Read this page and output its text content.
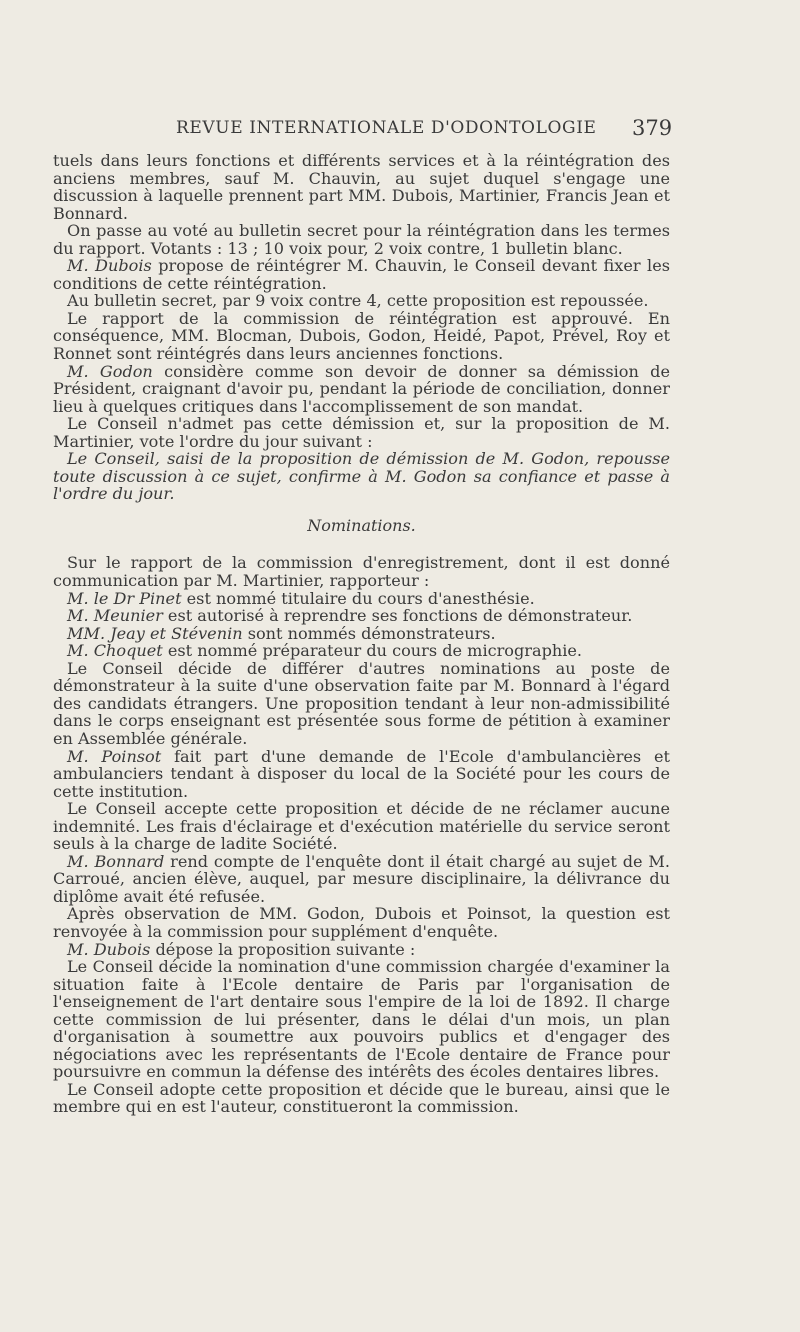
REVUE INTERNATIONALE D'ODONTOLOGIE 379

tuels dans leurs fonctions et différents services et à la réintégration des anciens membres, sauf M. Chauvin, au sujet duquel s'engage une discussion à laquelle prennent part MM. Dubois, Martinier, Francis Jean et Bonnard.

On passe au voté au bulletin secret pour la réintégration dans les termes du rapport. Votants : 13 ; 10 voix pour, 2 voix contre, 1 bulletin blanc.

M. Dubois propose de réintégrer M. Chauvin, le Conseil devant fixer les conditions de cette réintégration.

Au bulletin secret, par 9 voix contre 4, cette proposition est repoussée.

Le rapport de la commission de réintégration est approuvé. En conséquence, MM. Blocman, Dubois, Godon, Heidé, Papot, Prével, Roy et Ronnet sont réintégrés dans leurs anciennes fonctions.

M. Godon considère comme son devoir de donner sa démission de Président, craignant d'avoir pu, pendant la période de conciliation, donner lieu à quelques critiques dans l'accomplissement de son mandat.

Le Conseil n'admet pas cette démission et, sur la proposition de M. Martinier, vote l'ordre du jour suivant :

Le Conseil, saisi de la proposition de démission de M. Godon, repousse toute discussion à ce sujet, confirme à M. Godon sa confiance et passe à l'ordre du jour.

Nominations.

Sur le rapport de la commission d'enregistrement, dont il est donné communication par M. Martinier, rapporteur :

M. le Dr Pinet est nommé titulaire du cours d'anesthésie.

M. Meunier est autorisé à reprendre ses fonctions de démonstrateur.

MM. Jeay et Stévenin sont nommés démonstrateurs.

M. Choquet est nommé préparateur du cours de micrographie.

Le Conseil décide de différer d'autres nominations au poste de démonstrateur à la suite d'une observation faite par M. Bonnard à l'égard des candidats étrangers. Une proposition tendant à leur non-admissibilité dans le corps enseignant est présentée sous forme de pétition à examiner en Assemblée générale.

M. Poinsot fait part d'une demande de l'Ecole d'ambulancières et ambulanciers tendant à disposer du local de la Société pour les cours de cette institution.

Le Conseil accepte cette proposition et décide de ne réclamer aucune indemnité. Les frais d'éclairage et d'exécution matérielle du service seront seuls à la charge de ladite Société.

M. Bonnard rend compte de l'enquête dont il était chargé au sujet de M. Carroué, ancien élève, auquel, par mesure disciplinaire, la délivrance du diplôme avait été refusée.

Après observation de MM. Godon, Dubois et Poinsot, la question est renvoyée à la commission pour supplément d'enquête.

M. Dubois dépose la proposition suivante :

Le Conseil décide la nomination d'une commission chargée d'examiner la situation faite à l'Ecole dentaire de Paris par l'organisation de l'enseignement de l'art dentaire sous l'empire de la loi de 1892. Il charge cette commission de lui présenter, dans le délai d'un mois, un plan d'organisation à soumettre aux pouvoirs publics et d'engager des négociations avec les représentants de l'Ecole dentaire de France pour poursuivre en commun la défense des intérêts des écoles dentaires libres.

Le Conseil adopte cette proposition et décide que le bureau, ainsi que le membre qui en est l'auteur, constitueront la commission.
